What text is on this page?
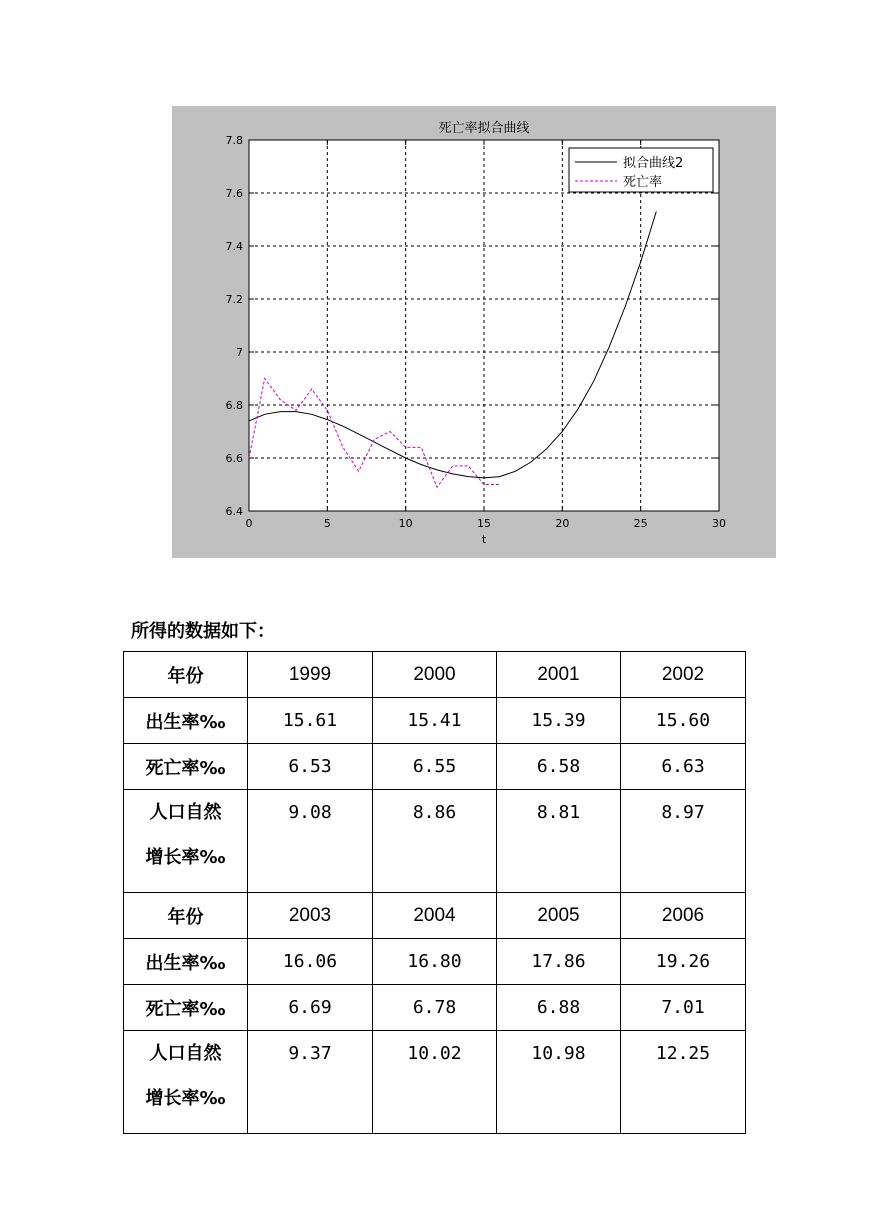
0	5	10	15	20	25	30
6.4
6.6
6.8
7
7.2
7.4
7.6
7.8
死亡率拟合曲线
t
拟合曲线2
死亡率
所得的数据如下：
年份	1999	2000	2001	2002
出生率‰	15.61	15.41	15.39	15.60
死亡率‰	6.53	6.55	6.58	6.63

人口自然
增长率‰	9.08	8.86	8.81	8.97
年份	2003	2004	2005	2006
出生率‰	16.06	16.80	17.86	19.26
死亡率‰	6.69	6.78	6.88	7.01

人口自然
增长率‰	9.37	10.02	10.98	12.25
